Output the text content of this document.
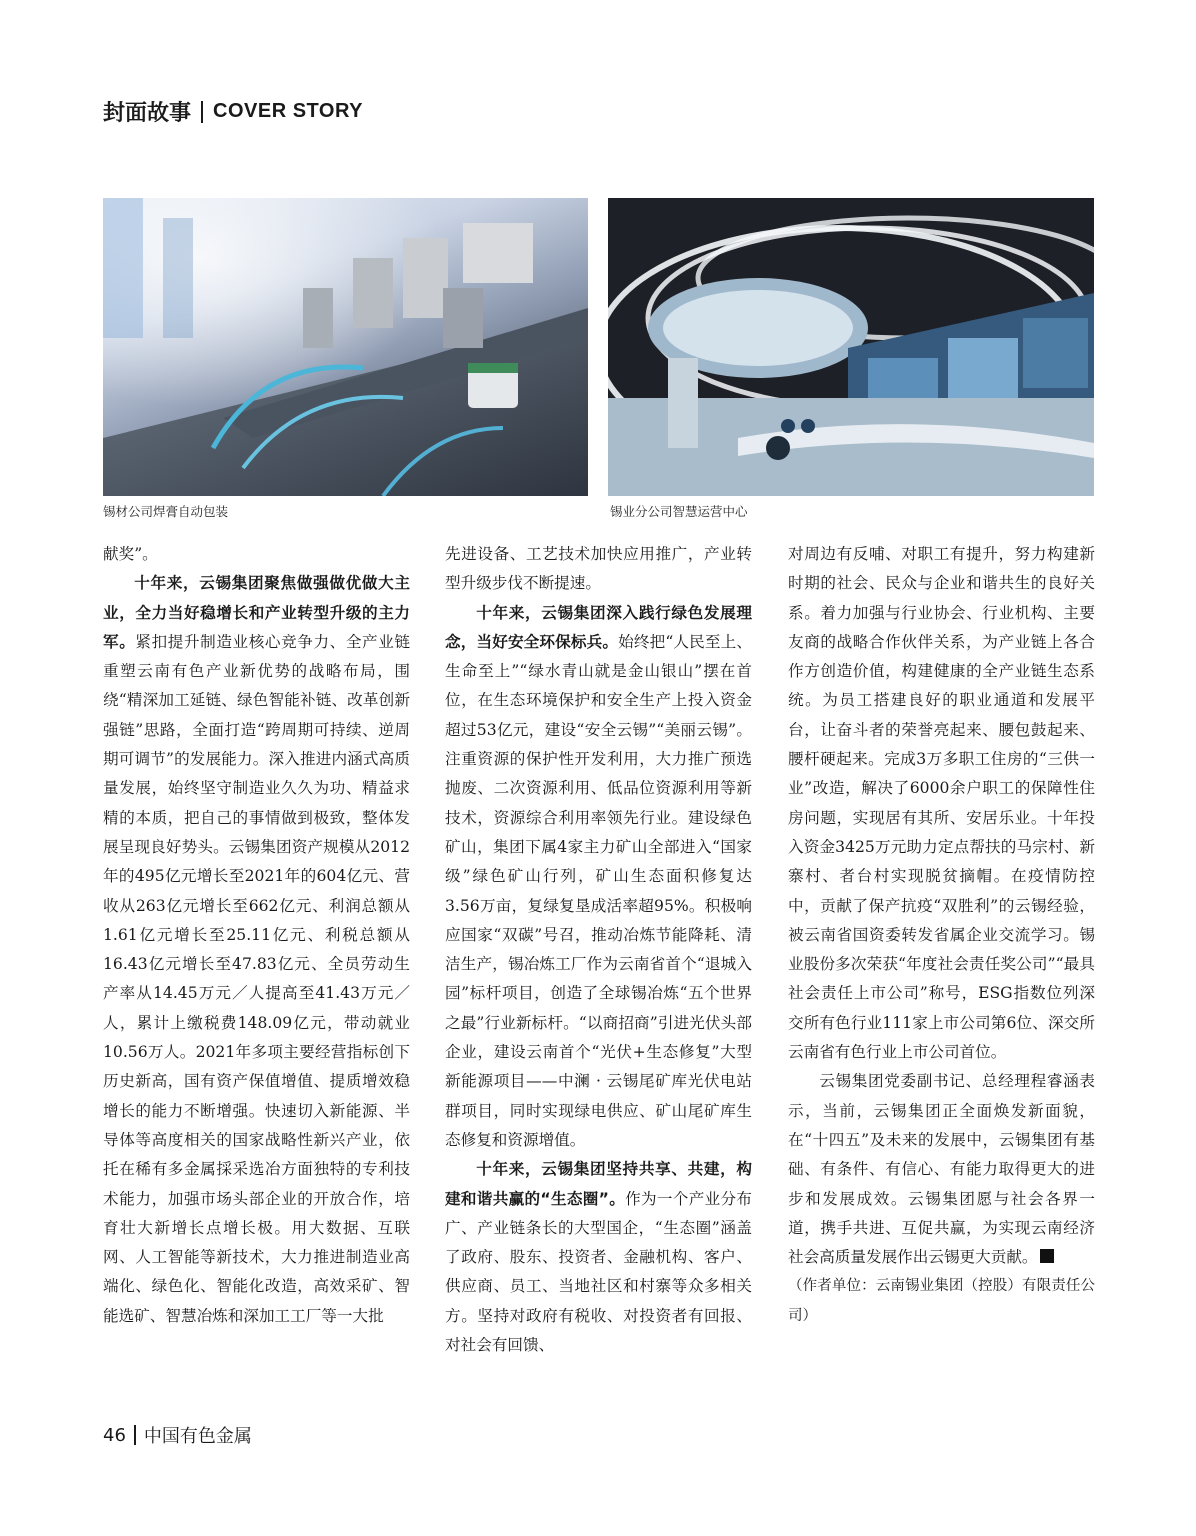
封面故事 COVER STORY
锡材公司焊膏自动包装	锡业分公司智慧运营中心

献奖”。

十年来，云锡集团聚焦做强做优做大主业，全力当好稳增长和产业转型升级的主力军。紧扣提升制造业核心竞争力、全产业链重塑云南有色产业新优势的战略布局，围绕“精深加工延链、绿色智能补链、改革创新强链”思路，全面打造“跨周期可持续、逆周期可调节”的发展能力。深入推进内涵式高质量发展，始终坚守制造业久久为功、精益求精的本质，把自己的事情做到极致，整体发展呈现良好势头。云锡集团资产规模从2012年的495亿元增长至2021年的604亿元、营收从263亿元增长至662亿元、利润总额从1.61亿元增长至25.11亿元、利税总额从16.43亿元增长至47.83亿元、全员劳动生产率从14.45万元／人提高至41.43万元／人，累计上缴税费148.09亿元，带动就业10.56万人。2021年多项主要经营指标创下历史新高，国有资产保值增值、提质增效稳增长的能力不断增强。快速切入新能源、半导体等高度相关的国家战略性新兴产业，依托在稀有多金属採采选冶方面独特的专利技术能力，加强市场头部企业的开放合作，培育壮大新增长点增长极。用大数据、互联网、人工智能等新技术，大力推进制造业高端化、绿色化、智能化改造，高效采矿、智能选矿、智慧冶炼和深加工工厂等一大批

先进设备、工艺技术加快应用推广，产业转型升级步伐不断提速。

十年来，云锡集团深入践行绿色发展理念，当好安全环保标兵。始终把“人民至上、生命至上”“绿水青山就是金山银山”摆在首位，在生态环境保护和安全生产上投入资金超过53亿元，建设“安全云锡”“美丽云锡”。注重资源的保护性开发利用，大力推广预选抛废、二次资源利用、低品位资源利用等新技术，资源综合利用率领先行业。建设绿色矿山，集团下属4家主力矿山全部进入“国家级”绿色矿山行列，矿山生态面积修复达3.56万亩，复绿复垦成活率超95%。积极响应国家“双碳”号召，推动冶炼节能降耗、清洁生产，锡冶炼工厂作为云南省首个“退城入园”标杆项目，创造了全球锡冶炼“五个世界之最”行业新标杆。“以商招商”引进光伏头部企业，建设云南首个“光伏+生态修复”大型新能源项目——中澜 · 云锡尾矿库光伏电站群项目，同时实现绿电供应、矿山尾矿库生态修复和资源增值。

十年来，云锡集团坚持共享、共建，构建和谐共赢的“生态圈”。作为一个产业分布广、产业链条长的大型国企，“生态圈”涵盖了政府、股东、投资者、金融机构、客户、供应商、员工、当地社区和村寨等众多相关方。坚持对政府有税收、对投资者有回报、对社会有回馈、

对周边有反哺、对职工有提升，努力构建新时期的社会、民众与企业和谐共生的良好关系。着力加强与行业协会、行业机构、主要友商的战略合作伙伴关系，为产业链上各合作方创造价值，构建健康的全产业链生态系统。为员工搭建良好的职业通道和发展平台，让奋斗者的荣誉亮起来、腰包鼓起来、腰杆硬起来。完成3万多职工住房的“三供一业”改造，解决了6000余户职工的保障性住房问题，实现居有其所、安居乐业。十年投入资金3425万元助力定点帮扶的马宗村、新寨村、者台村实现脱贫摘帽。在疫情防控中，贡献了保产抗疫“双胜利”的云锡经验，被云南省国资委转发省属企业交流学习。锡业股份多次荣获“年度社会责任奖公司”“最具社会责任上市公司”称号，ESG指数位列深交所有色行业111家上市公司第6位、深交所云南省有色行业上市公司首位。

云锡集团党委副书记、总经理程睿涵表示，当前，云锡集团正全面焕发新面貌，在“十四五”及未来的发展中，云锡集团有基础、有条件、有信心、有能力取得更大的进步和发展成效。云锡集团愿与社会各界一道，携手共进、互促共赢，为实现云南经济社会高质量发展作出云锡更大贡献。

（作者单位：云南锡业集团（控股）有限责任公司）

46 中国有色金属
